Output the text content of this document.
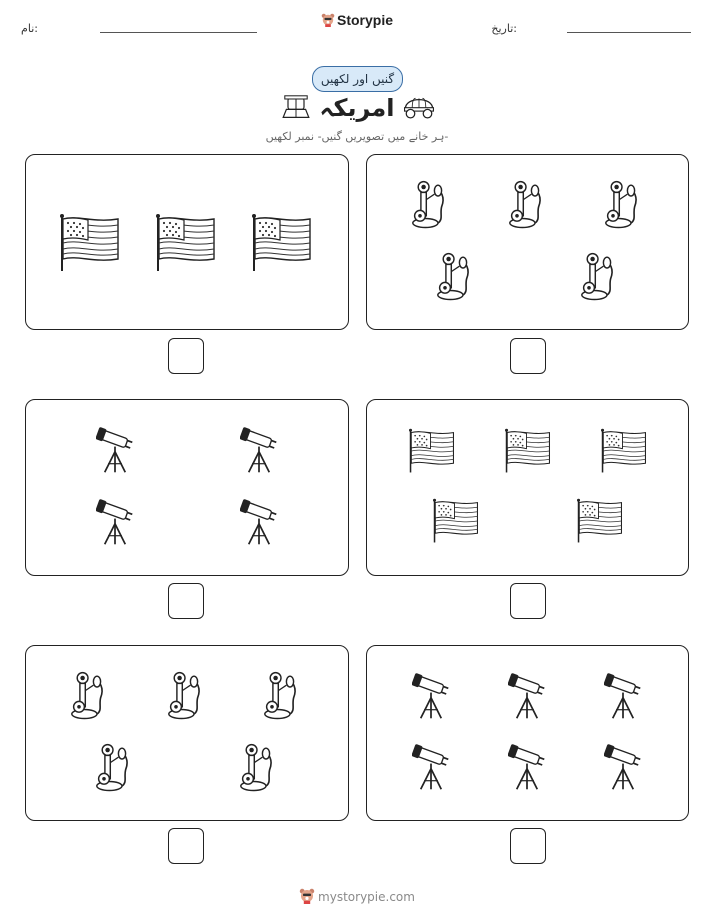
نام:
Storypie
تاریخ:
گنیں اور لکھیں
امریکہ
ہر خانے میں تصویریں گنیں- نمبر لکھیں-
mystorypie.com
